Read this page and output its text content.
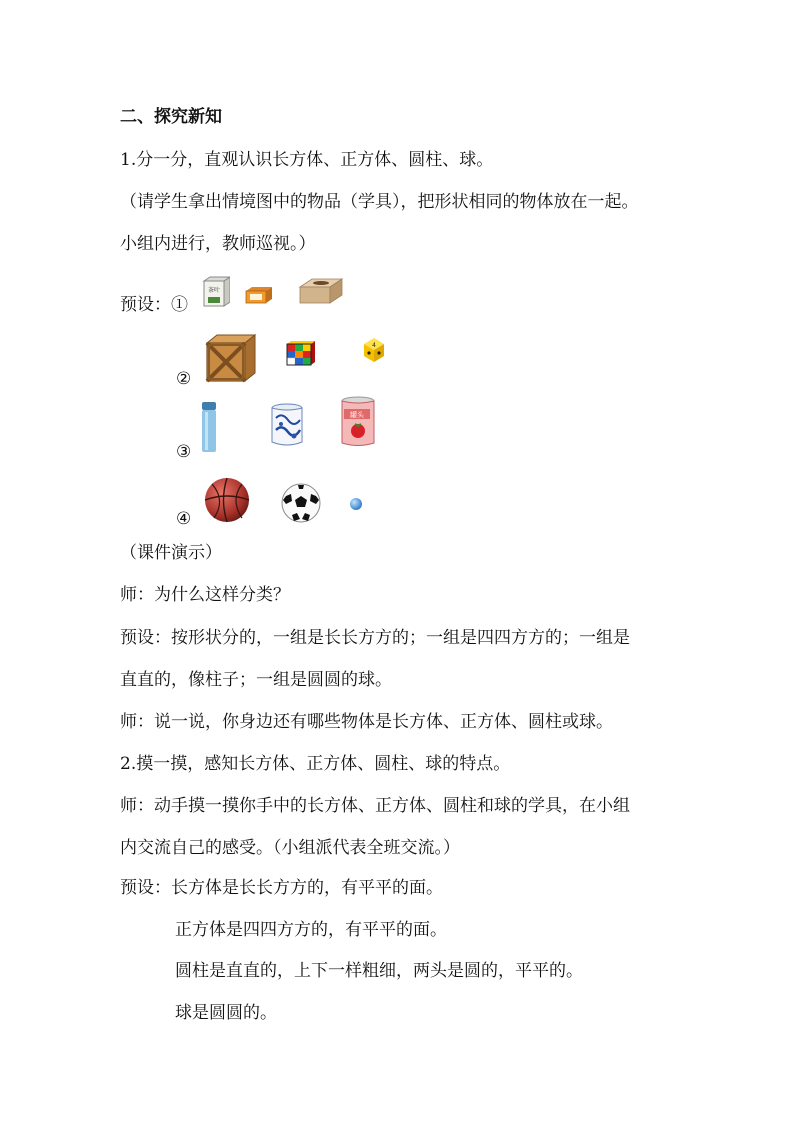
二、探究新知
1.分一分，直观认识长方体、正方体、圆柱、球。
（请学生拿出情境图中的物品（学具），把形状相同的物体放在一起。
小组内进行，教师巡视。）
预设：①
茶叶
②
4
③
罐头
④
（课件演示）
师：为什么这样分类？
预设：按形状分的，一组是长长方方的；一组是四四方方的；一组是
直直的，像柱子；一组是圆圆的球。
师：说一说，你身边还有哪些物体是长方体、正方体、圆柱或球。
2.摸一摸，感知长方体、正方体、圆柱、球的特点。
师：动手摸一摸你手中的长方体、正方体、圆柱和球的学具，在小组
内交流自己的感受。（小组派代表全班交流。）
预设：长方体是长长方方的，有平平的面。
正方体是四四方方的，有平平的面。
圆柱是直直的，上下一样粗细，两头是圆的，平平的。
球是圆圆的。
